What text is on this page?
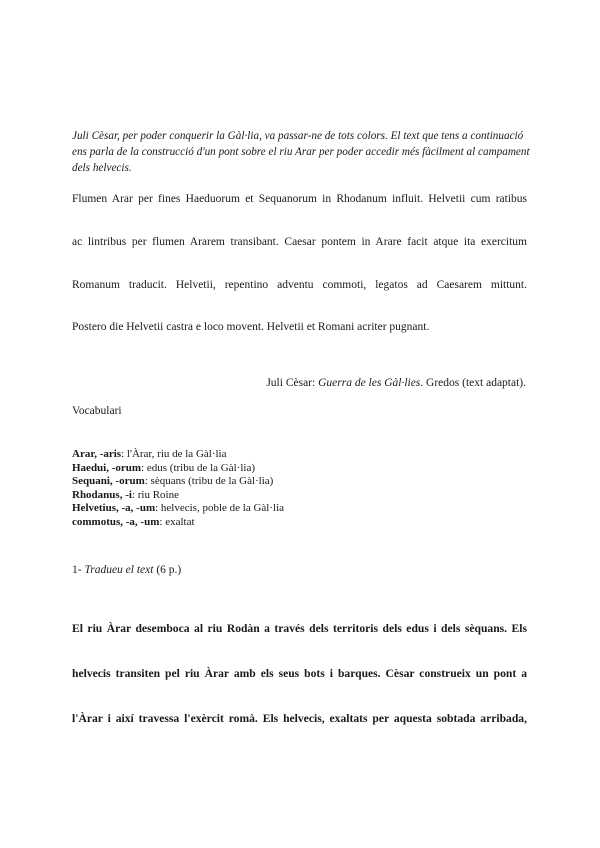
Juli Cèsar, per poder conquerir la Gàl·lia, va passar-ne de tots colors. El text que tens a continuació ens parla de la construcció d'un pont sobre el riu Arar per poder accedir més fàcilment al campament dels helvecis.

Flumen Arar per fines Haeduorum et Sequanorum in Rhodanum influit. Helvetii cum ratibus

ac lintribus per flumen Ararem transibant. Caesar pontem in Arare facit atque ita exercitum

Romanum traducit. Helvetii, repentino adventu commoti, legatos ad Caesarem mittunt.

Postero die Helvetii castra e loco movent. Helvetii et Romani acriter pugnant.

Juli Cèsar: Guerra de les Gàl·lies. Gredos (text adaptat).

Vocabulari

Arar, -aris: l'Àrar, riu de la Gàl·lia
Haedui, -orum: edus (tribu de la Gàl·lia)
Sequani, -orum: sèquans (tribu de la Gàl·lia)
Rhodanus, -i: riu Roine
Helvetius, -a, -um: helvecis, poble de la Gàl·lia
commotus, -a, -um: exaltat

1- Tradueu el text (6 p.)

El riu Àrar desemboca al riu Rodàn a través dels territoris dels edus i dels sèquans. Els

helvecis transiten pel riu Àrar amb els seus bots i barques. Cèsar construeix un pont a

l'Àrar i així travessa l'exèrcit romà. Els helvecis, exaltats per aquesta sobtada arribada,
